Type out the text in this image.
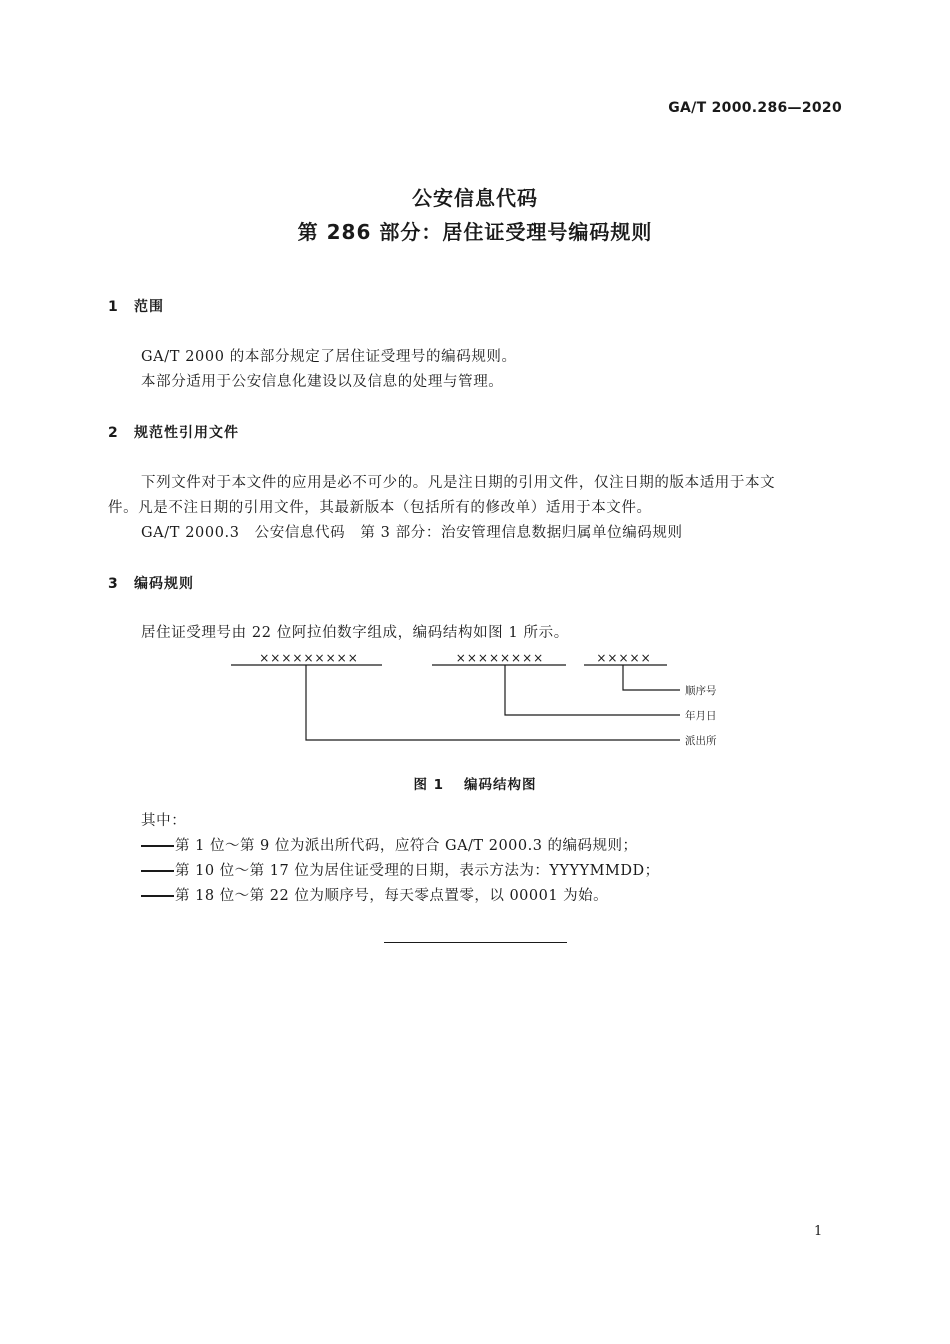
GA/T 2000.286—2020
公安信息代码
第 286 部分：居住证受理号编码规则
1 范围
GA/T 2000 的本部分规定了居住证受理号的编码规则。
本部分适用于公安信息化建设以及信息的处理与管理。
2 规范性引用文件
下列文件对于本文件的应用是必不可少的。凡是注日期的引用文件，仅注日期的版本适用于本文
件。凡是不注日期的引用文件，其最新版本（包括所有的修改单）适用于本文件。
GA/T 2000.3　公安信息代码　第 3 部分：治安管理信息数据归属单位编码规则
3 编码规则
居住证受理号由 22 位阿拉伯数字组成，编码结构如图 1 所示。
×××××××××	××××××××	×××××
顺序号
年月日
派出所
图 1 编码结构图
其中：
第 1 位～第 9 位为派出所代码，应符合 GA/T 2000.3 的编码规则；
第 10 位～第 17 位为居住证受理的日期，表示方法为：YYYYMMDD；
第 18 位～第 22 位为顺序号，每天零点置零，以 00001 为始。
1
